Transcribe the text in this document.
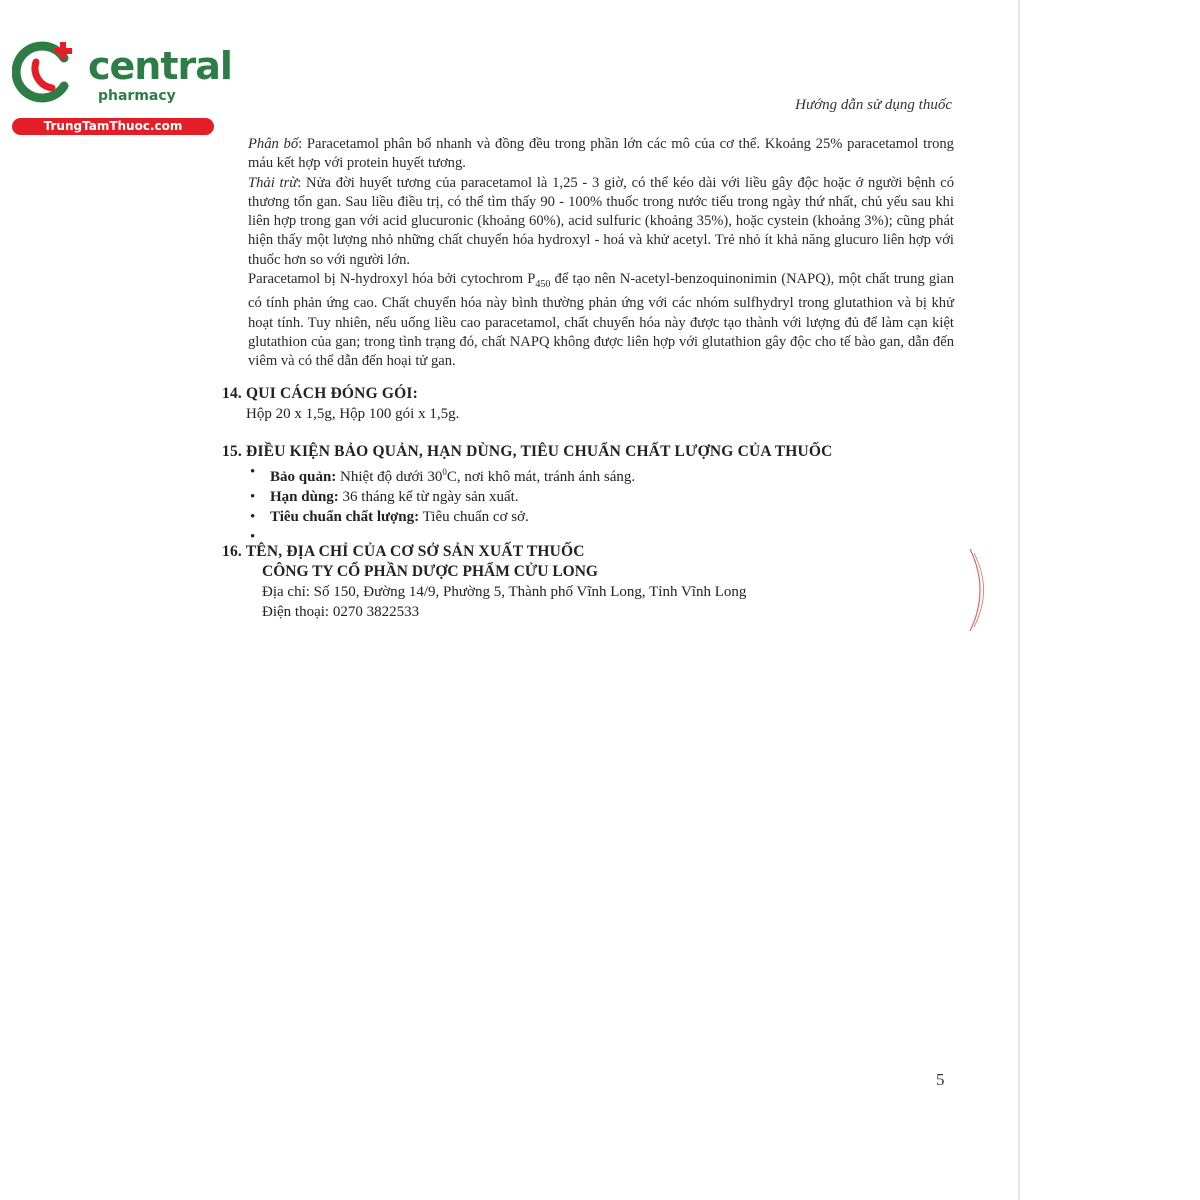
central
pharmacy
TrungTamThuoc.com
Hướng dẫn sử dụng thuốc

Phân bố: Paracetamol phân bố nhanh và đồng đều trong phần lớn các mô của cơ thể. Kkoảng 25% paracetamol trong máu kết hợp với protein huyết tương.

Thải trừ: Nửa đời huyết tương của paracetamol là 1,25 - 3 giờ, có thể kéo dài với liều gây độc hoặc ở người bệnh có thương tổn gan. Sau liều điều trị, có thể tìm thấy 90 - 100% thuốc trong nước tiểu trong ngày thứ nhất, chủ yếu sau khi liên hợp trong gan với acid glucuronic (khoảng 60%), acid sulfuric (khoảng 35%), hoặc cystein (khoảng 3%); cũng phát hiện thấy một lượng nhỏ những chất chuyển hóa hydroxyl - hoá và khử acetyl. Trẻ nhỏ ít khả năng glucuro liên hợp với thuốc hơn so với người lớn.

Paracetamol bị N-hydroxyl hóa bởi cytochrom $P_{450}$ để tạo nên N-acetyl-benzoquinonimin (NAPQ), một chất trung gian có tính phản ứng cao. Chất chuyển hóa này bình thường phản ứng với các nhóm sulfhydryl trong glutathion và bị khử hoạt tính. Tuy nhiên, nếu uống liều cao paracetamol, chất chuyển hóa này được tạo thành với lượng đủ để làm cạn kiệt glutathion của gan; trong tình trạng đó, chất NAPQ không được liên hợp với glutathion gây độc cho tế bào gan, dẫn đến viêm và có thể dẫn đến hoại tử gan.

14. QUI CÁCH ĐÓNG GÓI:
Hộp 20 x 1,5g, Hộp 100 gói x 1,5g.
15. ĐIỀU KIỆN BẢO QUẢN, HẠN DÙNG, TIÊU CHUẨN CHẤT LƯỢNG CỦA THUỐC
• Bảo quản: Nhiệt độ dưới $30^0C$, nơi khô mát, tránh ánh sáng.
• Hạn dùng: 36 tháng kể từ ngày sản xuất.
• Tiêu chuẩn chất lượng: Tiêu chuẩn cơ sở.
16. TÊN, ĐỊA CHỈ CỦA CƠ SỞ SẢN XUẤT THUỐC
CÔNG TY CỔ PHẦN DƯỢC PHẨM CỬU LONG
Địa chỉ: Số 150, Đường 14/9, Phường 5, Thành phố Vĩnh Long, Tỉnh Vĩnh Long
Điện thoại: 0270 3822533
5
